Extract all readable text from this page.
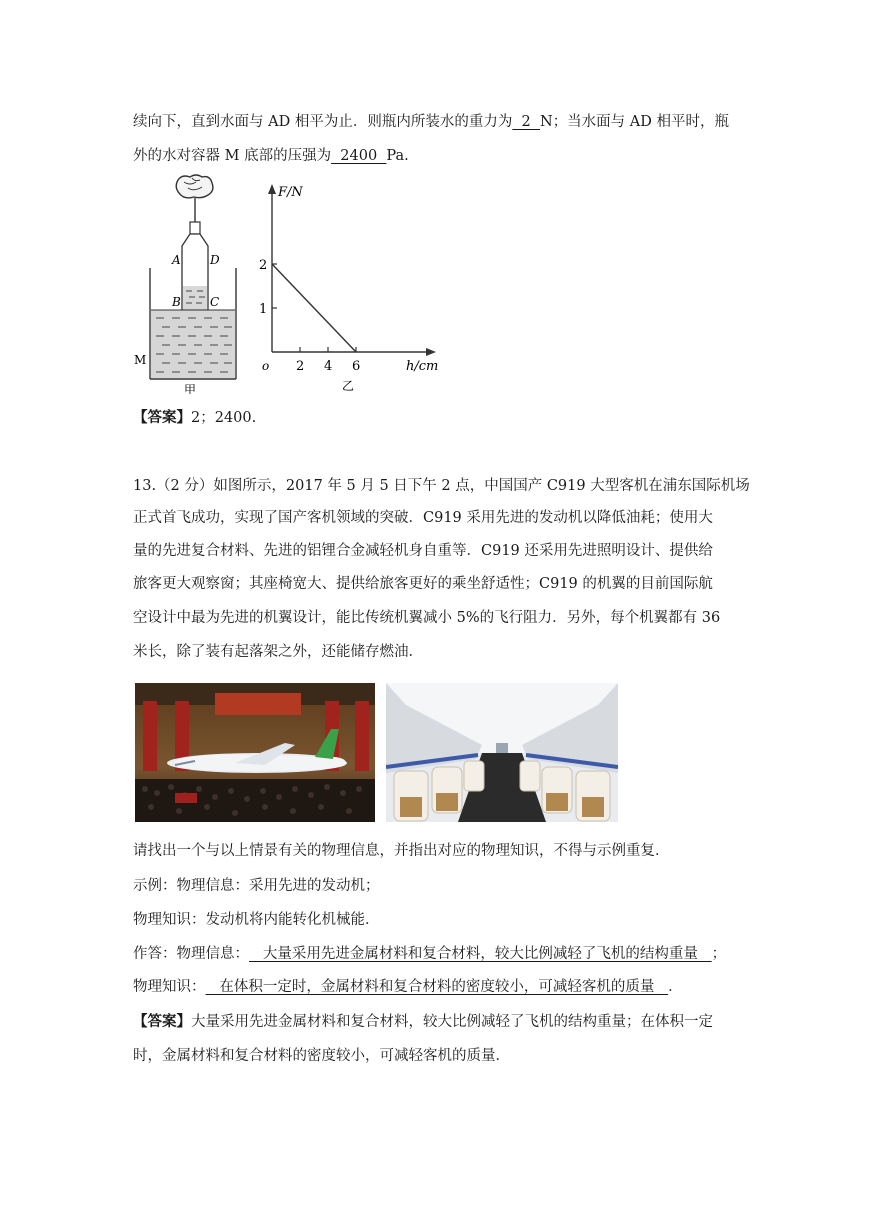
续向下，直到水面与 AD 相平为止．则瓶内所装水的重力为  2  N；当水面与 AD 相平时，瓶
外的水对容器 M 底部的压强为  2400  Pa.
A D
B C
M
甲
F/N
h/cm
o 2 4 6
1
2
乙
【答案】2；2400.
13.（2 分）如图所示，2017 年 5 月 5 日下午 2 点，中国国产 C919 大型客机在浦东国际机场
正式首飞成功，实现了国产客机领域的突破．C919 采用先进的发动机以降低油耗；使用大
量的先进复合材料、先进的铝锂合金减轻机身自重等．C919 还采用先进照明设计、提供给
旅客更大观察窗；其座椅宽大、提供给旅客更好的乘坐舒适性；C919 的机翼的目前国际航
空设计中最为先进的机翼设计，能比传统机翼减小 5%的飞行阻力．另外，每个机翼都有 36
米长，除了装有起落架之外，还能储存燃油．
请找出一个与以上情景有关的物理信息，并指出对应的物理知识，不得与示例重复．
示例：物理信息：采用先进的发动机；
物理知识：发动机将内能转化机械能．
作答：物理信息：   大量采用先进金属材料和复合材料，较大比例减轻了飞机的结构重量   ；
物理知识：   在体积一定时，金属材料和复合材料的密度较小，可减轻客机的质量   ．
【答案】大量采用先进金属材料和复合材料，较大比例减轻了飞机的结构重量；在体积一定
时，金属材料和复合材料的密度较小，可减轻客机的质量．
